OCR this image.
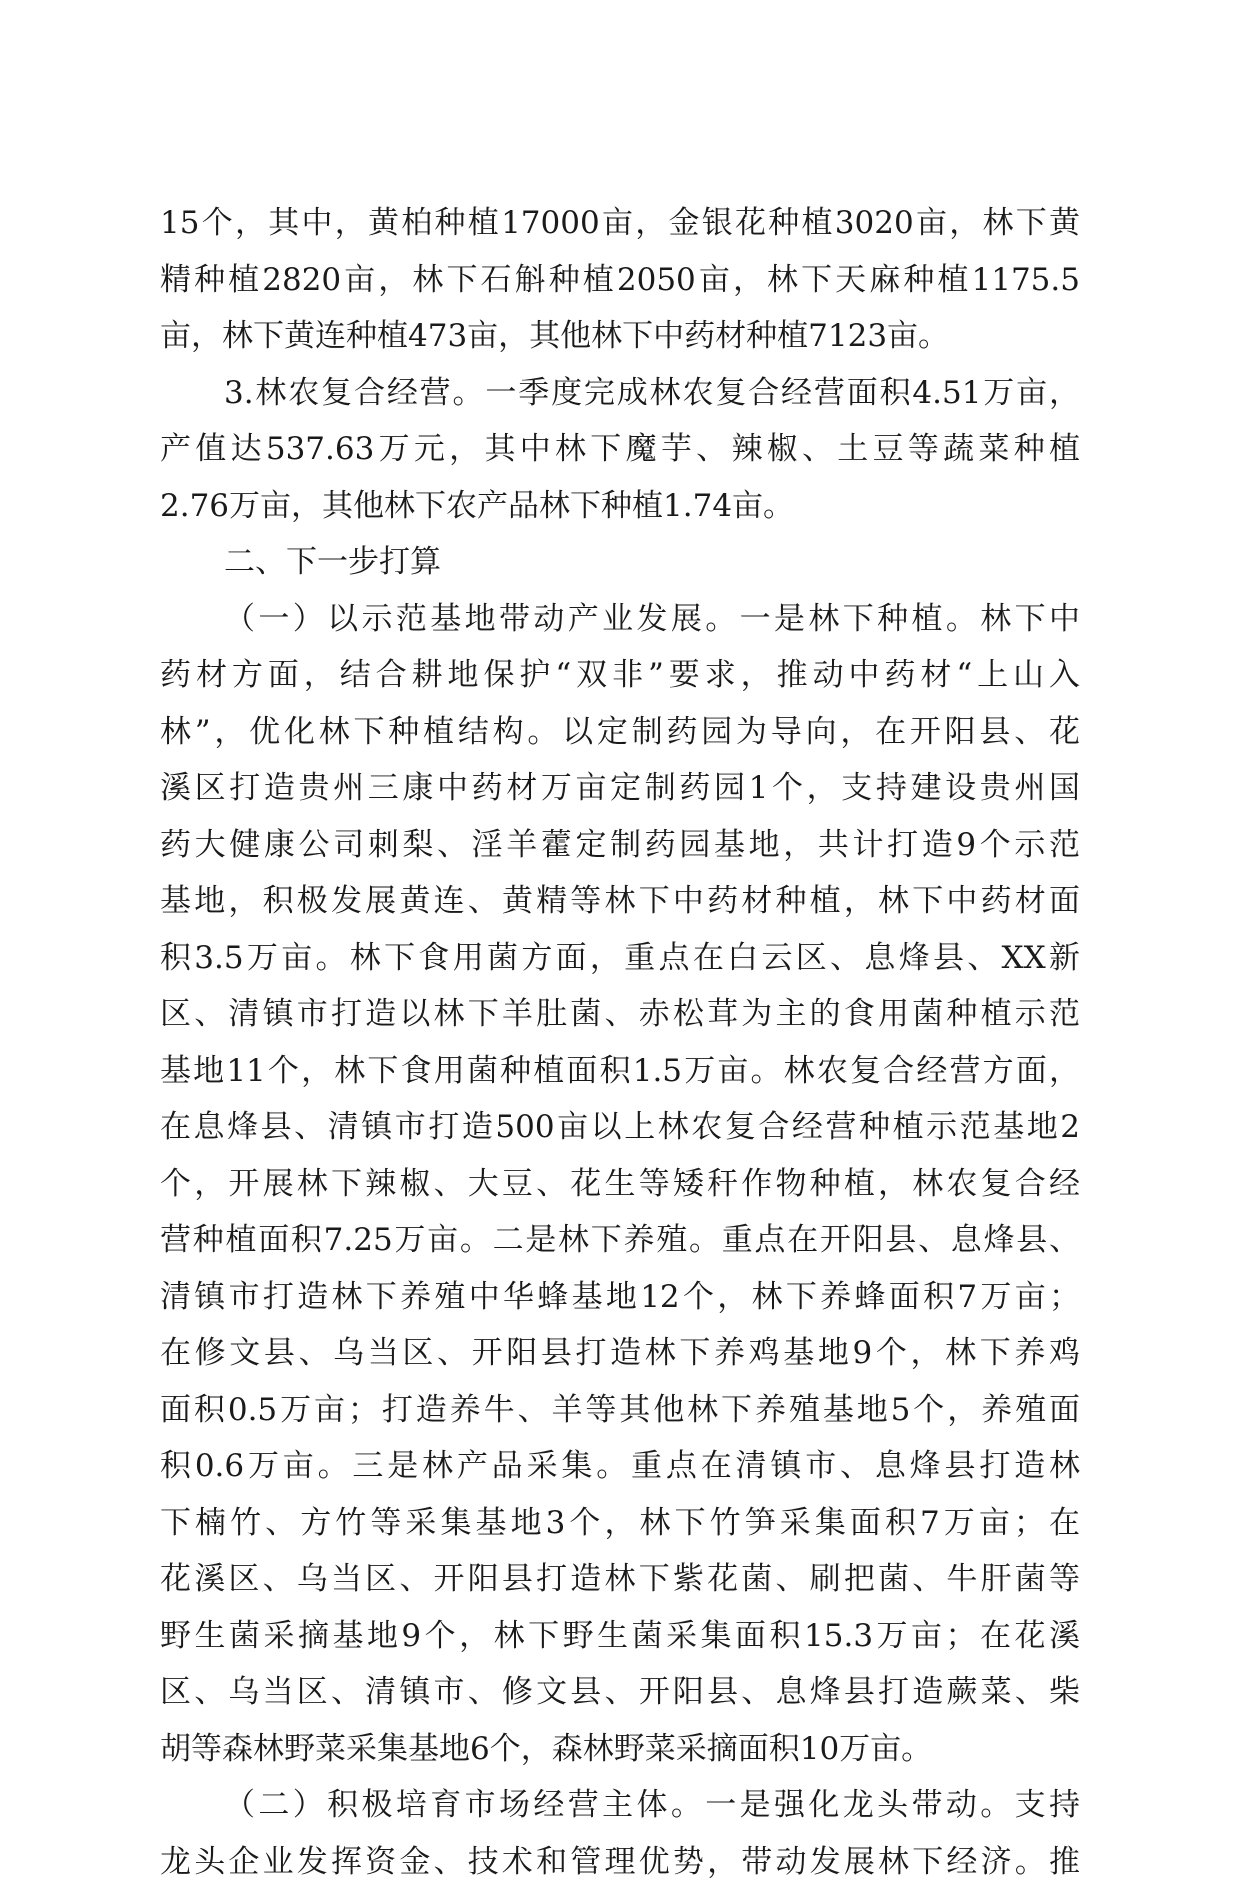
15个，其中，黄柏种植17000亩，金银花种植3020亩，林下黄
精种植2820亩，林下石斛种植2050亩，林下天麻种植1175.5
亩，林下黄连种植473亩，其他林下中药材种植7123亩。
3.林农复合经营。一季度完成林农复合经营面积4.51万亩，
产值达537.63万元，其中林下魔芋、辣椒、土豆等蔬菜种植
2.76万亩，其他林下农产品林下种植1.74亩。
二、下一步打算
（一）以示范基地带动产业发展。一是林下种植。林下中
药材方面，结合耕地保护“双非”要求，推动中药材“上山入
林”，优化林下种植结构。以定制药园为导向，在开阳县、花
溪区打造贵州三康中药材万亩定制药园1个，支持建设贵州国
药大健康公司刺梨、淫羊藿定制药园基地，共计打造9个示范
基地，积极发展黄连、黄精等林下中药材种植，林下中药材面
积3.5万亩。林下食用菌方面，重点在白云区、息烽县、XX新
区、清镇市打造以林下羊肚菌、赤松茸为主的食用菌种植示范
基地11个，林下食用菌种植面积1.5万亩。林农复合经营方面，
在息烽县、清镇市打造500亩以上林农复合经营种植示范基地2
个，开展林下辣椒、大豆、花生等矮秆作物种植，林农复合经
营种植面积7.25万亩。二是林下养殖。重点在开阳县、息烽县、
清镇市打造林下养殖中华蜂基地12个，林下养蜂面积7万亩；
在修文县、乌当区、开阳县打造林下养鸡基地9个，林下养鸡
面积0.5万亩；打造养牛、羊等其他林下养殖基地5个，养殖面
积0.6万亩。三是林产品采集。重点在清镇市、息烽县打造林
下楠竹、方竹等采集基地3个，林下竹笋采集面积7万亩；在
花溪区、乌当区、开阳县打造林下紫花菌、刷把菌、牛肝菌等
野生菌采摘基地9个，林下野生菌采集面积15.3万亩；在花溪
区、乌当区、清镇市、修文县、开阳县、息烽县打造蕨菜、柴
胡等森林野菜采集基地6个，森林野菜采摘面积10万亩。
（二）积极培育市场经营主体。一是强化龙头带动。支持
龙头企业发挥资金、技术和管理优势，带动发展林下经济。推
